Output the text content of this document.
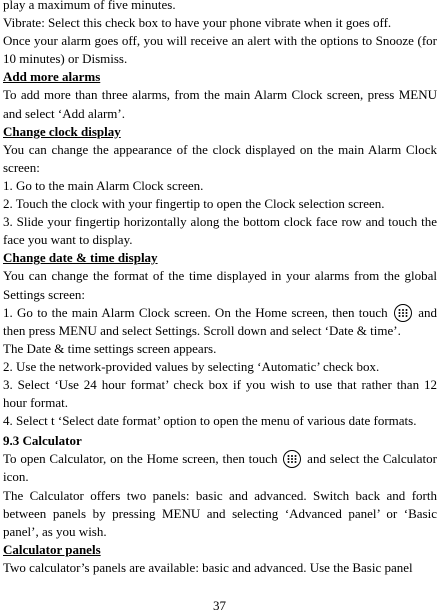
play a maximum of five minutes.

Vibrate: Select this check box to have your phone vibrate when it goes off.

Once your alarm goes off, you will receive an alert with the options to Snooze (for 10 minutes) or Dismiss.

Add more alarms

To add more than three alarms, from the main Alarm Clock screen, press MENU and select ‘Add alarm’.

Change clock display

You can change the appearance of the clock displayed on the main Alarm Clock screen:

1. Go to the main Alarm Clock screen.

2. Touch the clock with your fingertip to open the Clock selection screen.

3. Slide your fingertip horizontally along the bottom clock face row and touch the face you want to display.

Change date & time display

You can change the format of the time displayed in your alarms from the global Settings screen:

1. Go to the main Alarm Clock screen. On the Home screen, then touch and then press MENU and select Settings. Scroll down and select ‘Date & time’.

The Date & time settings screen appears.

2. Use the network-provided values by selecting ‘Automatic’ check box.

3. Select ‘Use 24 hour format’ check box if you wish to use that rather than 12 hour format.

4. Select t ‘Select date format’ option to open the menu of various date formats.

9.3 Calculator

To open Calculator, on the Home screen, then touch and select the Calculator icon.

The Calculator offers two panels: basic and advanced. Switch back and forth between panels by pressing MENU and selecting ‘Advanced panel’ or ‘Basic panel’, as you wish.

Calculator panels

Two calculator’s panels are available: basic and advanced. Use the Basic panel

37
